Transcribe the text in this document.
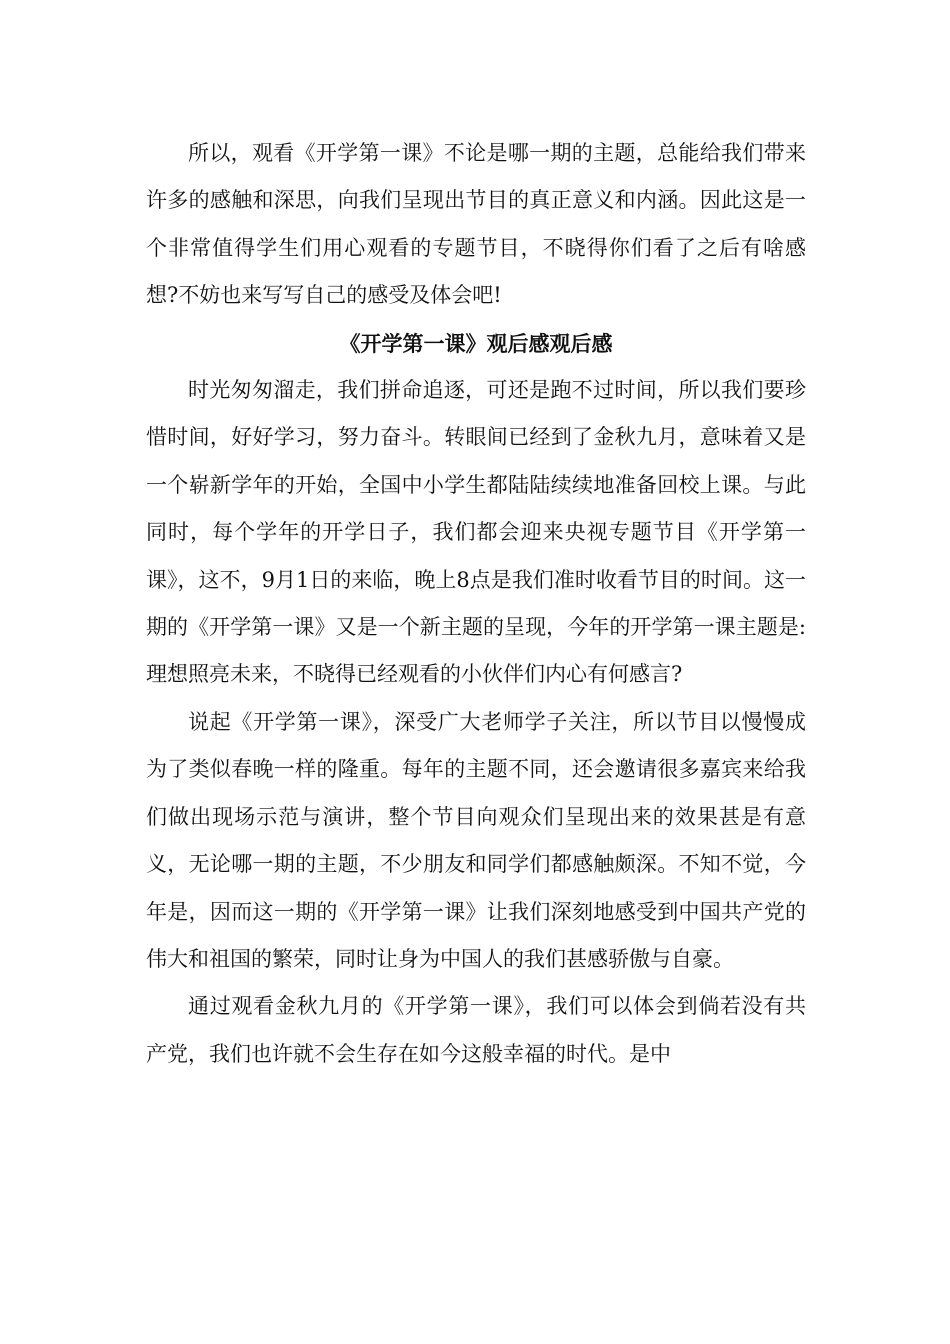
所以，观看《开学第一课》不论是哪一期的主题，总能给我们带来许多的感触和深思，向我们呈现出节目的真正意义和内涵。因此这是一个非常值得学生们用心观看的专题节目，不晓得你们看了之后有啥感想?不妨也来写写自己的感受及体会吧!

《开学第一课》观后感观后感

时光匆匆溜走，我们拼命追逐，可还是跑不过时间，所以我们要珍惜时间，好好学习，努力奋斗。转眼间已经到了金秋九月，意味着又是一个崭新学年的开始，全国中小学生都陆陆续续地准备回校上课。与此同时，每个学年的开学日子，我们都会迎来央视专题节目《开学第一课》，这不，9月1日的来临，晚上8点是我们准时收看节目的时间。这一期的《开学第一课》又是一个新主题的呈现，今年的开学第一课主题是:理想照亮未来，不晓得已经观看的小伙伴们内心有何感言?

说起《开学第一课》，深受广大老师学子关注，所以节目以慢慢成为了类似春晚一样的隆重。每年的主题不同，还会邀请很多嘉宾来给我们做出现场示范与演讲，整个节目向观众们呈现出来的效果甚是有意义，无论哪一期的主题，不少朋友和同学们都感触颇深。不知不觉，今年是，因而这一期的《开学第一课》让我们深刻地感受到中国共产党的伟大和祖国的繁荣，同时让身为中国人的我们甚感骄傲与自豪。

通过观看金秋九月的《开学第一课》，我们可以体会到倘若没有共产党，我们也许就不会生存在如今这般幸福的时代。是中
